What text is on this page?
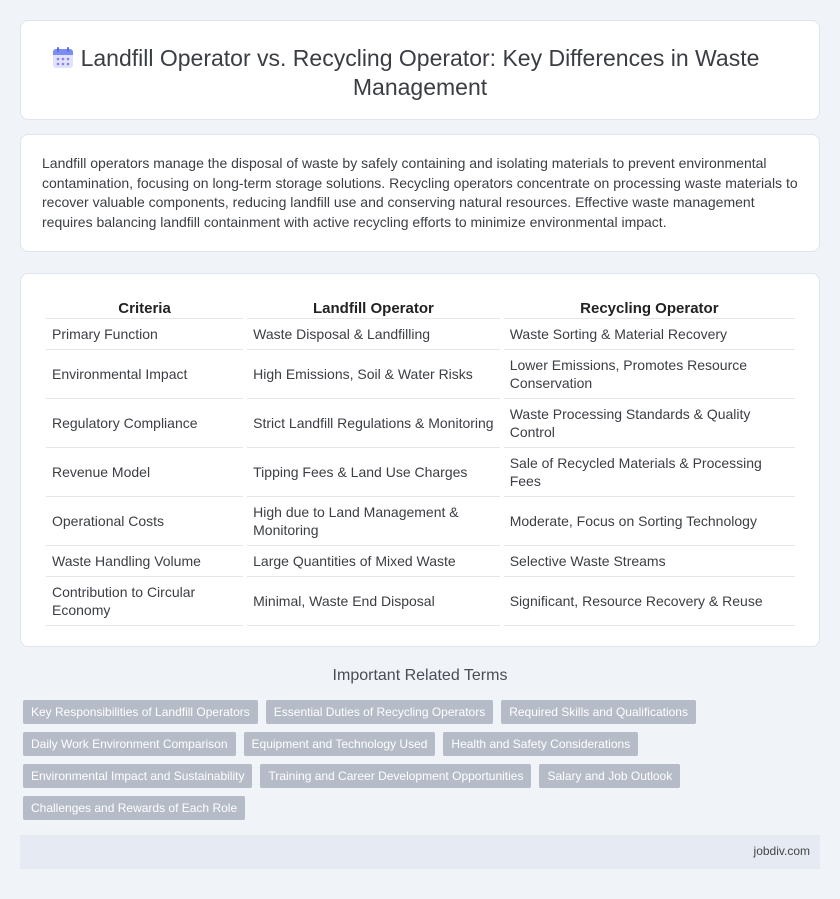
Landfill Operator vs. Recycling Operator: Key Differences in Waste Management

Landfill operators manage the disposal of waste by safely containing and isolating materials to prevent environmental contamination, focusing on long-term storage solutions. Recycling operators concentrate on processing waste materials to recover valuable components, reducing landfill use and conserving natural resources. Effective waste management requires balancing landfill containment with active recycling efforts to minimize environmental impact.

Criteria	Landfill Operator	Recycling Operator
Primary Function	Waste Disposal & Landfilling	Waste Sorting & Material Recovery
Environmental Impact	High Emissions, Soil & Water Risks	Lower Emissions, Promotes Resource Conservation
Regulatory Compliance	Strict Landfill Regulations & Monitoring	Waste Processing Standards & Quality Control
Revenue Model	Tipping Fees & Land Use Charges	Sale of Recycled Materials & Processing Fees
Operational Costs	High due to Land Management & Monitoring	Moderate, Focus on Sorting Technology
Waste Handling Volume	Large Quantities of Mixed Waste	Selective Waste Streams
Contribution to Circular Economy	Minimal, Waste End Disposal	Significant, Resource Recovery & Reuse
Important Related Terms
Key Responsibilities of Landfill Operators	Essential Duties of Recycling Operators	Required Skills and Qualifications
Daily Work Environment Comparison	Equipment and Technology Used	Health and Safety Considerations
Environmental Impact and Sustainability	Training and Career Development Opportunities	Salary and Job Outlook
Challenges and Rewards of Each Role
jobdiv.com
